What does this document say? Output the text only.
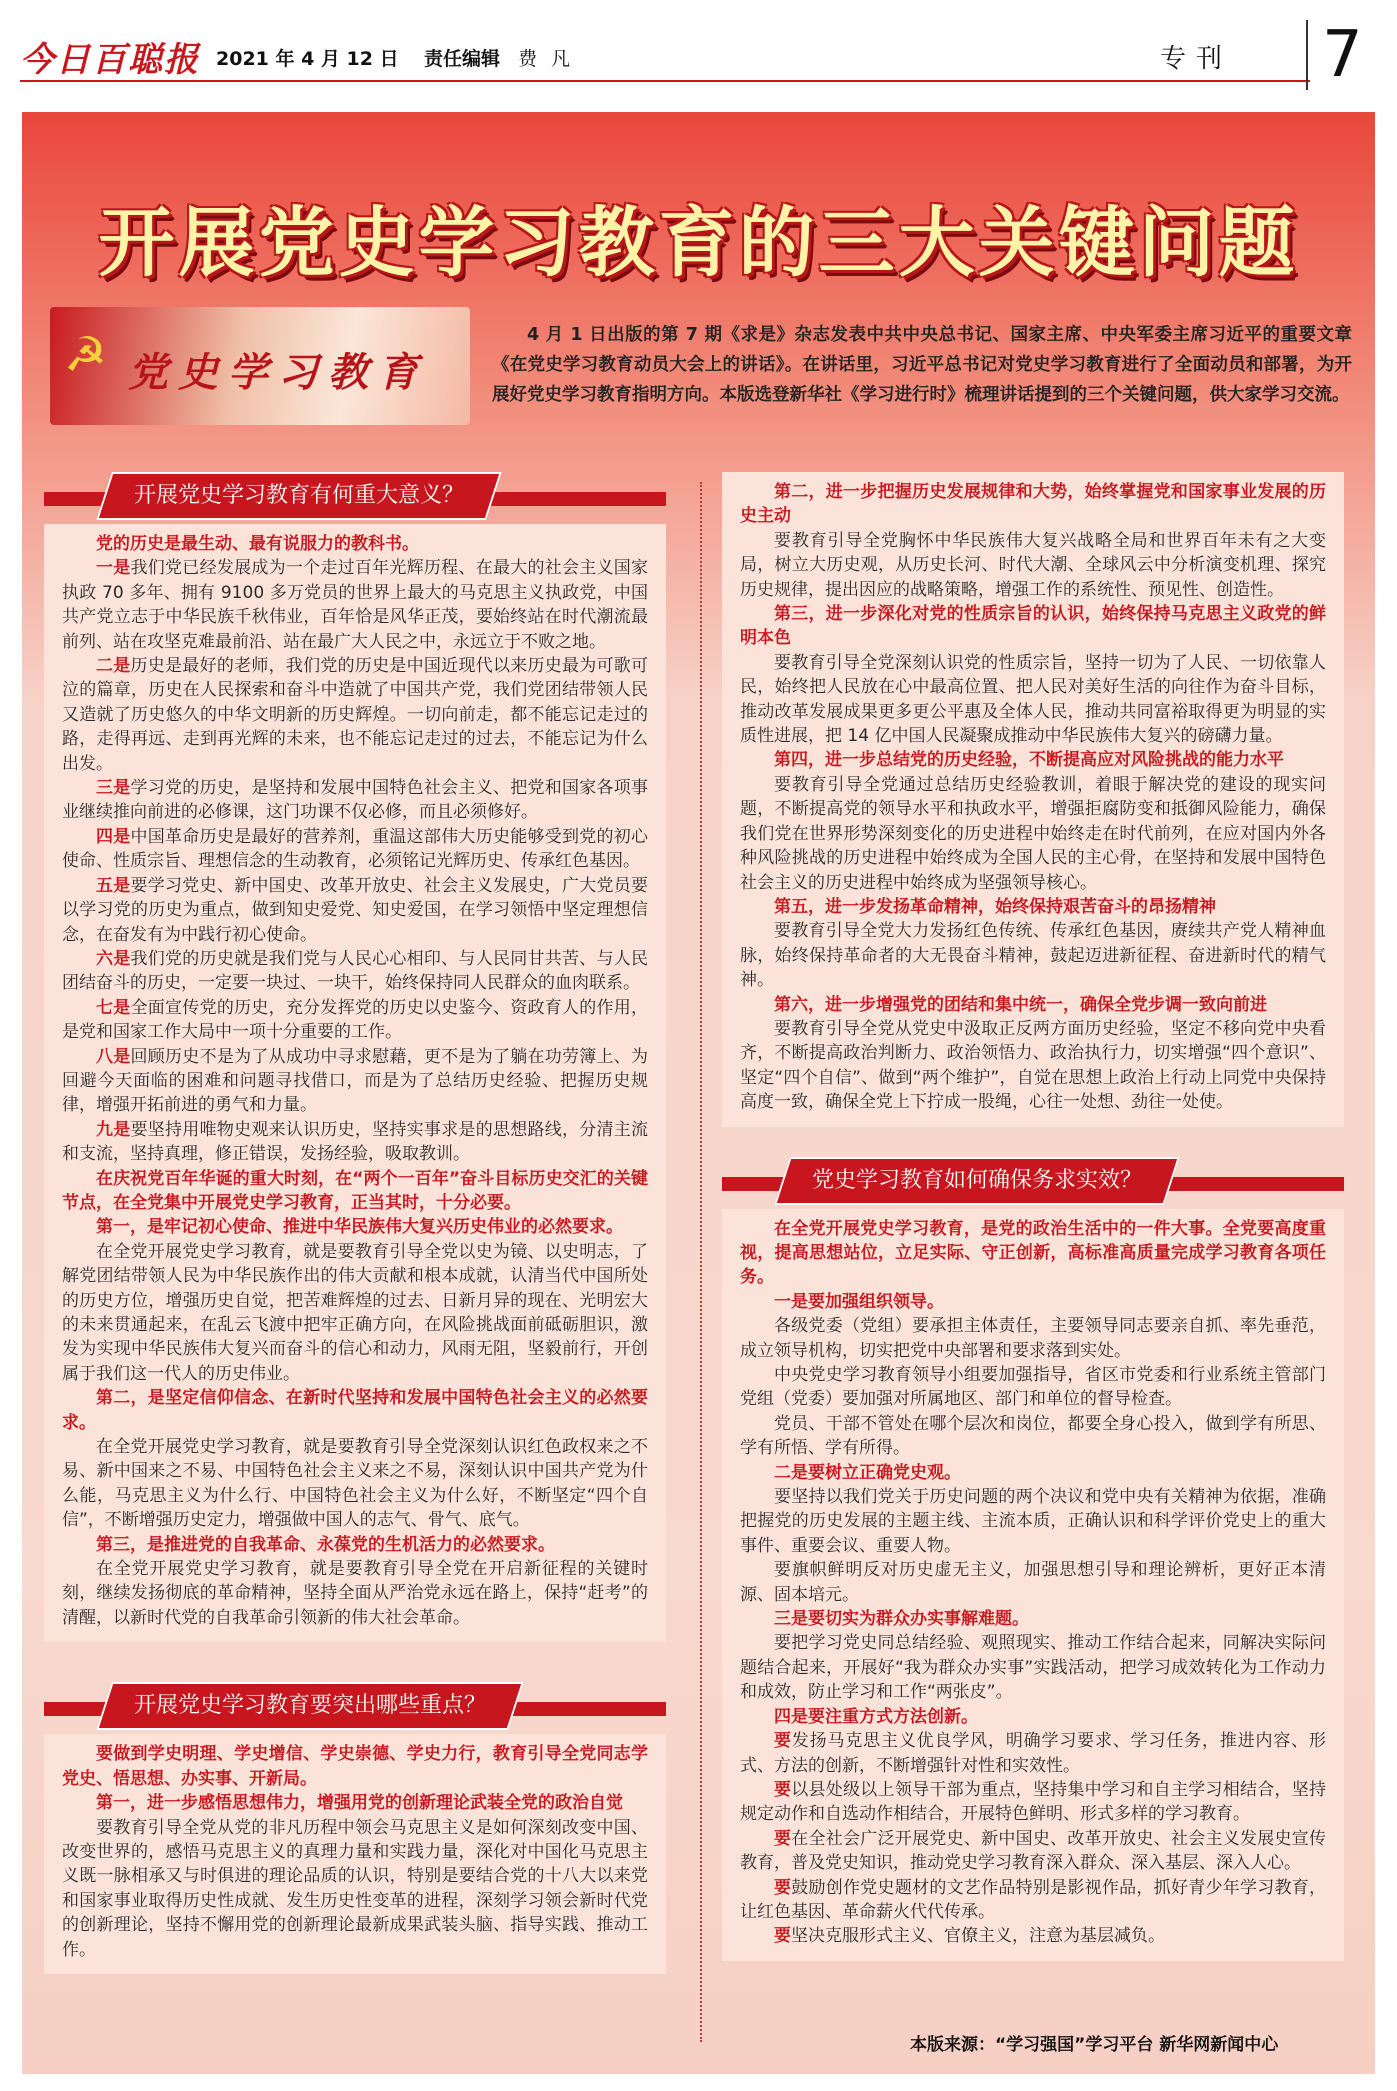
今日百聪报 2021 年 4 月 12 日 责任编辑 费凡	专刊 7
开展党史学习教育的三大关键问题
☭ 党史学习教育
4 月 1 日出版的第 7 期《求是》杂志发表中共中央总书记、国家主席、中央军委主席习近平的重要文章《在党史学习教育动员大会上的讲话》。在讲话里，习近平总书记对党史学习教育进行了全面动员和部署，为开展好党史学习教育指明方向。本版选登新华社《学习进行时》梳理讲话提到的三个关键问题，供大家学习交流。
开展党史学习教育有何重大意义？

党的历史是最生动、最有说服力的教科书。

一是我们党已经发展成为一个走过百年光辉历程、在最大的社会主义国家执政 70 多年、拥有 9100 多万党员的世界上最大的马克思主义执政党，中国共产党立志于中华民族千秋伟业，百年恰是风华正茂，要始终站在时代潮流最前列、站在攻坚克难最前沿、站在最广大人民之中，永远立于不败之地。

二是历史是最好的老师，我们党的历史是中国近现代以来历史最为可歌可泣的篇章，历史在人民探索和奋斗中造就了中国共产党，我们党团结带领人民又造就了历史悠久的中华文明新的历史辉煌。一切向前走，都不能忘记走过的路，走得再远、走到再光辉的未来，也不能忘记走过的过去，不能忘记为什么出发。

三是学习党的历史，是坚持和发展中国特色社会主义、把党和国家各项事业继续推向前进的必修课，这门功课不仅必修，而且必须修好。

四是中国革命历史是最好的营养剂，重温这部伟大历史能够受到党的初心使命、性质宗旨、理想信念的生动教育，必须铭记光辉历史、传承红色基因。

五是要学习党史、新中国史、改革开放史、社会主义发展史，广大党员要以学习党的历史为重点，做到知史爱党、知史爱国，在学习领悟中坚定理想信念，在奋发有为中践行初心使命。

六是我们党的历史就是我们党与人民心心相印、与人民同甘共苦、与人民团结奋斗的历史，一定要一块过、一块干，始终保持同人民群众的血肉联系。

七是全面宣传党的历史，充分发挥党的历史以史鉴今、资政育人的作用，是党和国家工作大局中一项十分重要的工作。

八是回顾历史不是为了从成功中寻求慰藉，更不是为了躺在功劳簿上、为回避今天面临的困难和问题寻找借口，而是为了总结历史经验、把握历史规律，增强开拓前进的勇气和力量。

九是要坚持用唯物史观来认识历史，坚持实事求是的思想路线，分清主流和支流，坚持真理，修正错误，发扬经验，吸取教训。

在庆祝党百年华诞的重大时刻，在“两个一百年”奋斗目标历史交汇的关键节点，在全党集中开展党史学习教育，正当其时，十分必要。

第一，是牢记初心使命、推进中华民族伟大复兴历史伟业的必然要求。

在全党开展党史学习教育，就是要教育引导全党以史为镜、以史明志，了解党团结带领人民为中华民族作出的伟大贡献和根本成就，认清当代中国所处的历史方位，增强历史自觉，把苦难辉煌的过去、日新月异的现在、光明宏大的未来贯通起来，在乱云飞渡中把牢正确方向，在风险挑战面前砥砺胆识，激发为实现中华民族伟大复兴而奋斗的信心和动力，风雨无阻，坚毅前行，开创属于我们这一代人的历史伟业。

第二，是坚定信仰信念、在新时代坚持和发展中国特色社会主义的必然要求。

在全党开展党史学习教育，就是要教育引导全党深刻认识红色政权来之不易、新中国来之不易、中国特色社会主义来之不易，深刻认识中国共产党为什么能，马克思主义为什么行、中国特色社会主义为什么好，不断坚定“四个自信”，不断增强历史定力，增强做中国人的志气、骨气、底气。

第三，是推进党的自我革命、永葆党的生机活力的必然要求。

在全党开展党史学习教育，就是要教育引导全党在开启新征程的关键时刻，继续发扬彻底的革命精神，坚持全面从严治党永远在路上，保持“赶考”的清醒，以新时代党的自我革命引领新的伟大社会革命。

开展党史学习教育要突出哪些重点？

要做到学史明理、学史增信、学史崇德、学史力行，教育引导全党同志学党史、悟思想、办实事、开新局。

第一，进一步感悟思想伟力，增强用党的创新理论武装全党的政治自觉

要教育引导全党从党的非凡历程中领会马克思主义是如何深刻改变中国、改变世界的，感悟马克思主义的真理力量和实践力量，深化对中国化马克思主义既一脉相承又与时俱进的理论品质的认识，特别是要结合党的十八大以来党和国家事业取得历史性成就、发生历史性变革的进程，深刻学习领会新时代党的创新理论，坚持不懈用党的创新理论最新成果武装头脑、指导实践、推动工作。

第二，进一步把握历史发展规律和大势，始终掌握党和国家事业发展的历史主动

要教育引导全党胸怀中华民族伟大复兴战略全局和世界百年未有之大变局，树立大历史观，从历史长河、时代大潮、全球风云中分析演变机理、探究历史规律，提出因应的战略策略，增强工作的系统性、预见性、创造性。

第三，进一步深化对党的性质宗旨的认识，始终保持马克思主义政党的鲜明本色

要教育引导全党深刻认识党的性质宗旨，坚持一切为了人民、一切依靠人民，始终把人民放在心中最高位置、把人民对美好生活的向往作为奋斗目标，推动改革发展成果更多更公平惠及全体人民，推动共同富裕取得更为明显的实质性进展，把 14 亿中国人民凝聚成推动中华民族伟大复兴的磅礴力量。

第四，进一步总结党的历史经验，不断提高应对风险挑战的能力水平

要教育引导全党通过总结历史经验教训，着眼于解决党的建设的现实问题，不断提高党的领导水平和执政水平，增强拒腐防变和抵御风险能力，确保我们党在世界形势深刻变化的历史进程中始终走在时代前列，在应对国内外各种风险挑战的历史进程中始终成为全国人民的主心骨，在坚持和发展中国特色社会主义的历史进程中始终成为坚强领导核心。

第五，进一步发扬革命精神，始终保持艰苦奋斗的昂扬精神

要教育引导全党大力发扬红色传统、传承红色基因，赓续共产党人精神血脉，始终保持革命者的大无畏奋斗精神，鼓起迈进新征程、奋进新时代的精气神。

第六，进一步增强党的团结和集中统一，确保全党步调一致向前进

要教育引导全党从党史中汲取正反两方面历史经验，坚定不移向党中央看齐，不断提高政治判断力、政治领悟力、政治执行力，切实增强“四个意识”、坚定“四个自信”、做到“两个维护”，自觉在思想上政治上行动上同党中央保持高度一致，确保全党上下拧成一股绳，心往一处想、劲往一处使。

党史学习教育如何确保务求实效？

在全党开展党史学习教育，是党的政治生活中的一件大事。全党要高度重视，提高思想站位，立足实际、守正创新，高标准高质量完成学习教育各项任务。

一是要加强组织领导。

各级党委（党组）要承担主体责任，主要领导同志要亲自抓、率先垂范，成立领导机构，切实把党中央部署和要求落到实处。

中央党史学习教育领导小组要加强指导，省区市党委和行业系统主管部门党组（党委）要加强对所属地区、部门和单位的督导检查。

党员、干部不管处在哪个层次和岗位，都要全身心投入，做到学有所思、学有所悟、学有所得。

二是要树立正确党史观。

要坚持以我们党关于历史问题的两个决议和党中央有关精神为依据，准确把握党的历史发展的主题主线、主流本质，正确认识和科学评价党史上的重大事件、重要会议、重要人物。

要旗帜鲜明反对历史虚无主义，加强思想引导和理论辨析，更好正本清源、固本培元。

三是要切实为群众办实事解难题。

要把学习党史同总结经验、观照现实、推动工作结合起来，同解决实际问题结合起来，开展好“我为群众办实事”实践活动，把学习成效转化为工作动力和成效，防止学习和工作“两张皮”。

四是要注重方式方法创新。

要发扬马克思主义优良学风，明确学习要求、学习任务，推进内容、形式、方法的创新，不断增强针对性和实效性。

要以县处级以上领导干部为重点，坚持集中学习和自主学习相结合，坚持规定动作和自选动作相结合，开展特色鲜明、形式多样的学习教育。

要在全社会广泛开展党史、新中国史、改革开放史、社会主义发展史宣传教育，普及党史知识，推动党史学习教育深入群众、深入基层、深入人心。

要鼓励创作党史题材的文艺作品特别是影视作品，抓好青少年学习教育，让红色基因、革命薪火代代传承。

要坚决克服形式主义、官僚主义，注意为基层减负。

本版来源：“学习强国”学习平台 新华网新闻中心
